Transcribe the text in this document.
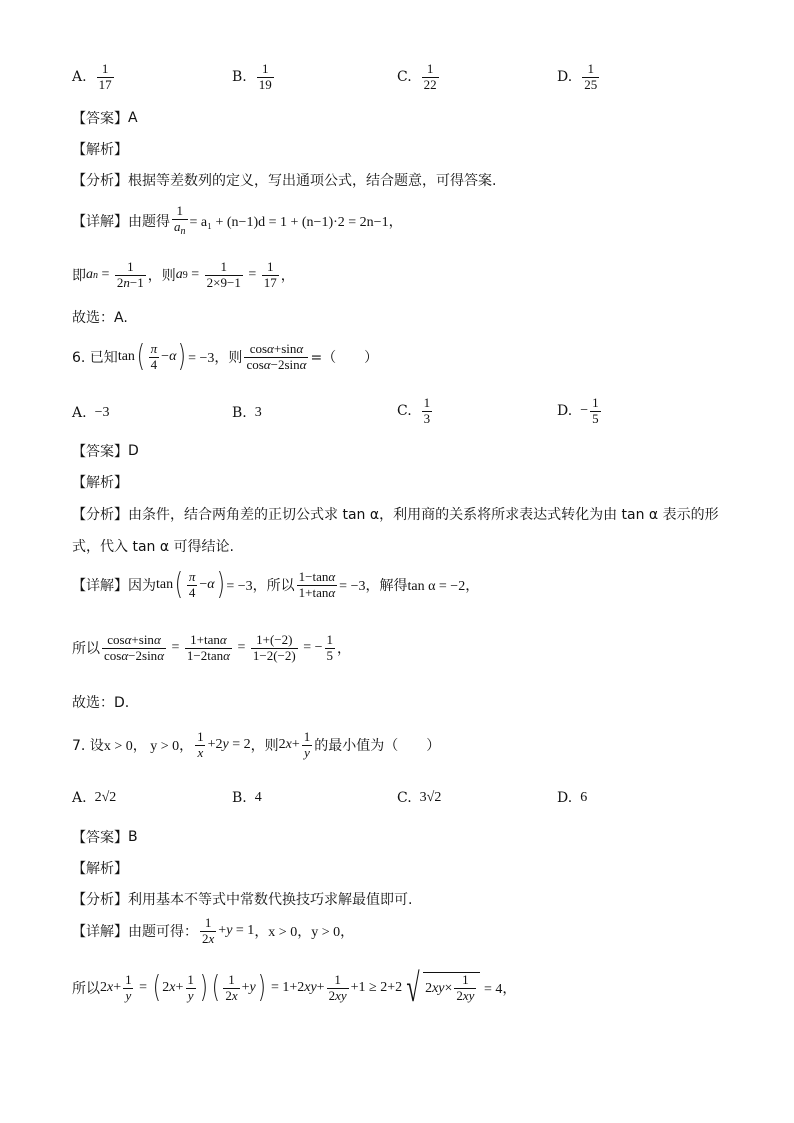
A. $\frac{1}{17}$	B. $\frac{1}{19}$	C. $\frac{1}{22}$	D. $\frac{1}{25}$
【答案】 A
【解析】
【分析】 根据等差数列的定义，写出通项公式，结合题意，可得答案.
【详解】 由题得 $\frac{1}{a_n} = a_1 + (n-1)d = 1 + (n-1)\cdot 2 = 2n-1$，
即 a $n = \frac{1}{2n-1}$ ，则 a $9 = \frac{1}{2\times 9-1} = \frac{1}{17}$ ，
故选：A.
6. 已知 tan ( $\frac{\pi}{4} - \alpha$ ) = −3，则 $\frac{\cos\alpha+\sin\alpha}{\cos\alpha-2\sin\alpha}$ =（　　）
A. −3	B. 3	C. $\frac{1}{3}$	D. − $\frac{1}{5}$
【答案】 D
【解析】
【分析】 由条件，结合两角差的正切公式求 tan α，利用商的关系将所求表达式转化为由 tan α 表示的形
式，代入 tan α 可得结论.
【详解】 因为 tan ( $\frac{\pi}{4} - \alpha$ ) = −3，所以 $\frac{1-\tan\alpha}{1+\tan\alpha} = -3$，解得 tan α = −2，
所以 $\frac{\cos\alpha+\sin\alpha}{\cos\alpha-2\sin\alpha} = \frac{1+\tan\alpha}{1-2\tan\alpha} = \frac{1+(-2)}{1-2(-2)}$ = − $\frac{1}{5}$ ，
故选：D.
7. 设 x > 0， y > 0， $\frac{1}{x} +2$ y = 2 ，则 2 $x + \frac{1}{y}$ 的最小值为（　　）
A. 2√2	B. 4	C. 3√2	D. 6
【答案】 B
【解析】
【分析】 利用基本不等式中常数代换技巧求解最值即可.
【详解】 由题可得： $\frac{1}{2x} + y = 1$ ，x > 0，y > 0，
所以 2 $x + \frac{1}{y}$ = ( 2 $x + \frac{1}{y}$ ) ( $\frac{1}{2x} + y$ ) = 1+2 xy + $\frac{1}{2xy} +1 \ge 2+2$ √ 2 xy × $\frac{1}{2xy} = 4$，
